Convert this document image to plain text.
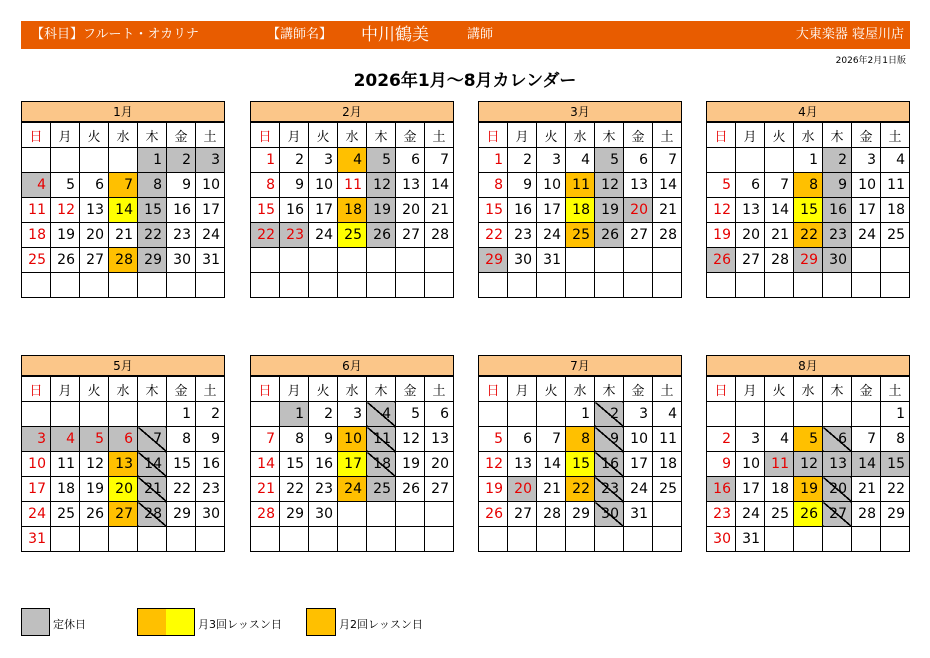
【科目】 フルート・オカリナ	【講師名】 中川鶴美	講師	大東楽器 寝屋川店
2026年2月1日版
2026年1月～8月カレンダー
1月
日	月	火	水	木	金	土
				1	2	3
4	5	6	7	8	9	10
11	12	13	14	15	16	17
18	19	20	21	22	23	24
25	26	27	28	29	30	31

2月
日	月	火	水	木	金	土
1	2	3	4	5	6	7
8	9	10	11	12	13	14
15	16	17	18	19	20	21
22	23	24	25	26	27	28

3月
日	月	火	水	木	金	土
1	2	3	4	5	6	7
8	9	10	11	12	13	14
15	16	17	18	19	20	21
22	23	24	25	26	27	28
29	30	31				

4月
日	月	火	水	木	金	土
			1	2	3	4
5	6	7	8	9	10	11
12	13	14	15	16	17	18
19	20	21	22	23	24	25
26	27	28	29	30		

5月
日	月	火	水	木	金	土
					1	2
3	4	5	6	7	8	9
10	11	12	13	14	15	16
17	18	19	20	21	22	23
24	25	26	27	28	29	30
31						
6月
日	月	火	水	木	金	土
	1	2	3	4	5	6
7	8	9	10	11	12	13
14	15	16	17	18	19	20
21	22	23	24	25	26	27
28	29	30				

7月
日	月	火	水	木	金	土
			1	2	3	4
5	6	7	8	9	10	11
12	13	14	15	16	17	18
19	20	21	22	23	24	25
26	27	28	29	30	31	

8月
日	月	火	水	木	金	土
						1
2	3	4	5	6	7	8
9	10	11	12	13	14	15
16	17	18	19	20	21	22
23	24	25	26	27	28	29
30	31					
定休日	月3回レッスン日	月2回レッスン日
